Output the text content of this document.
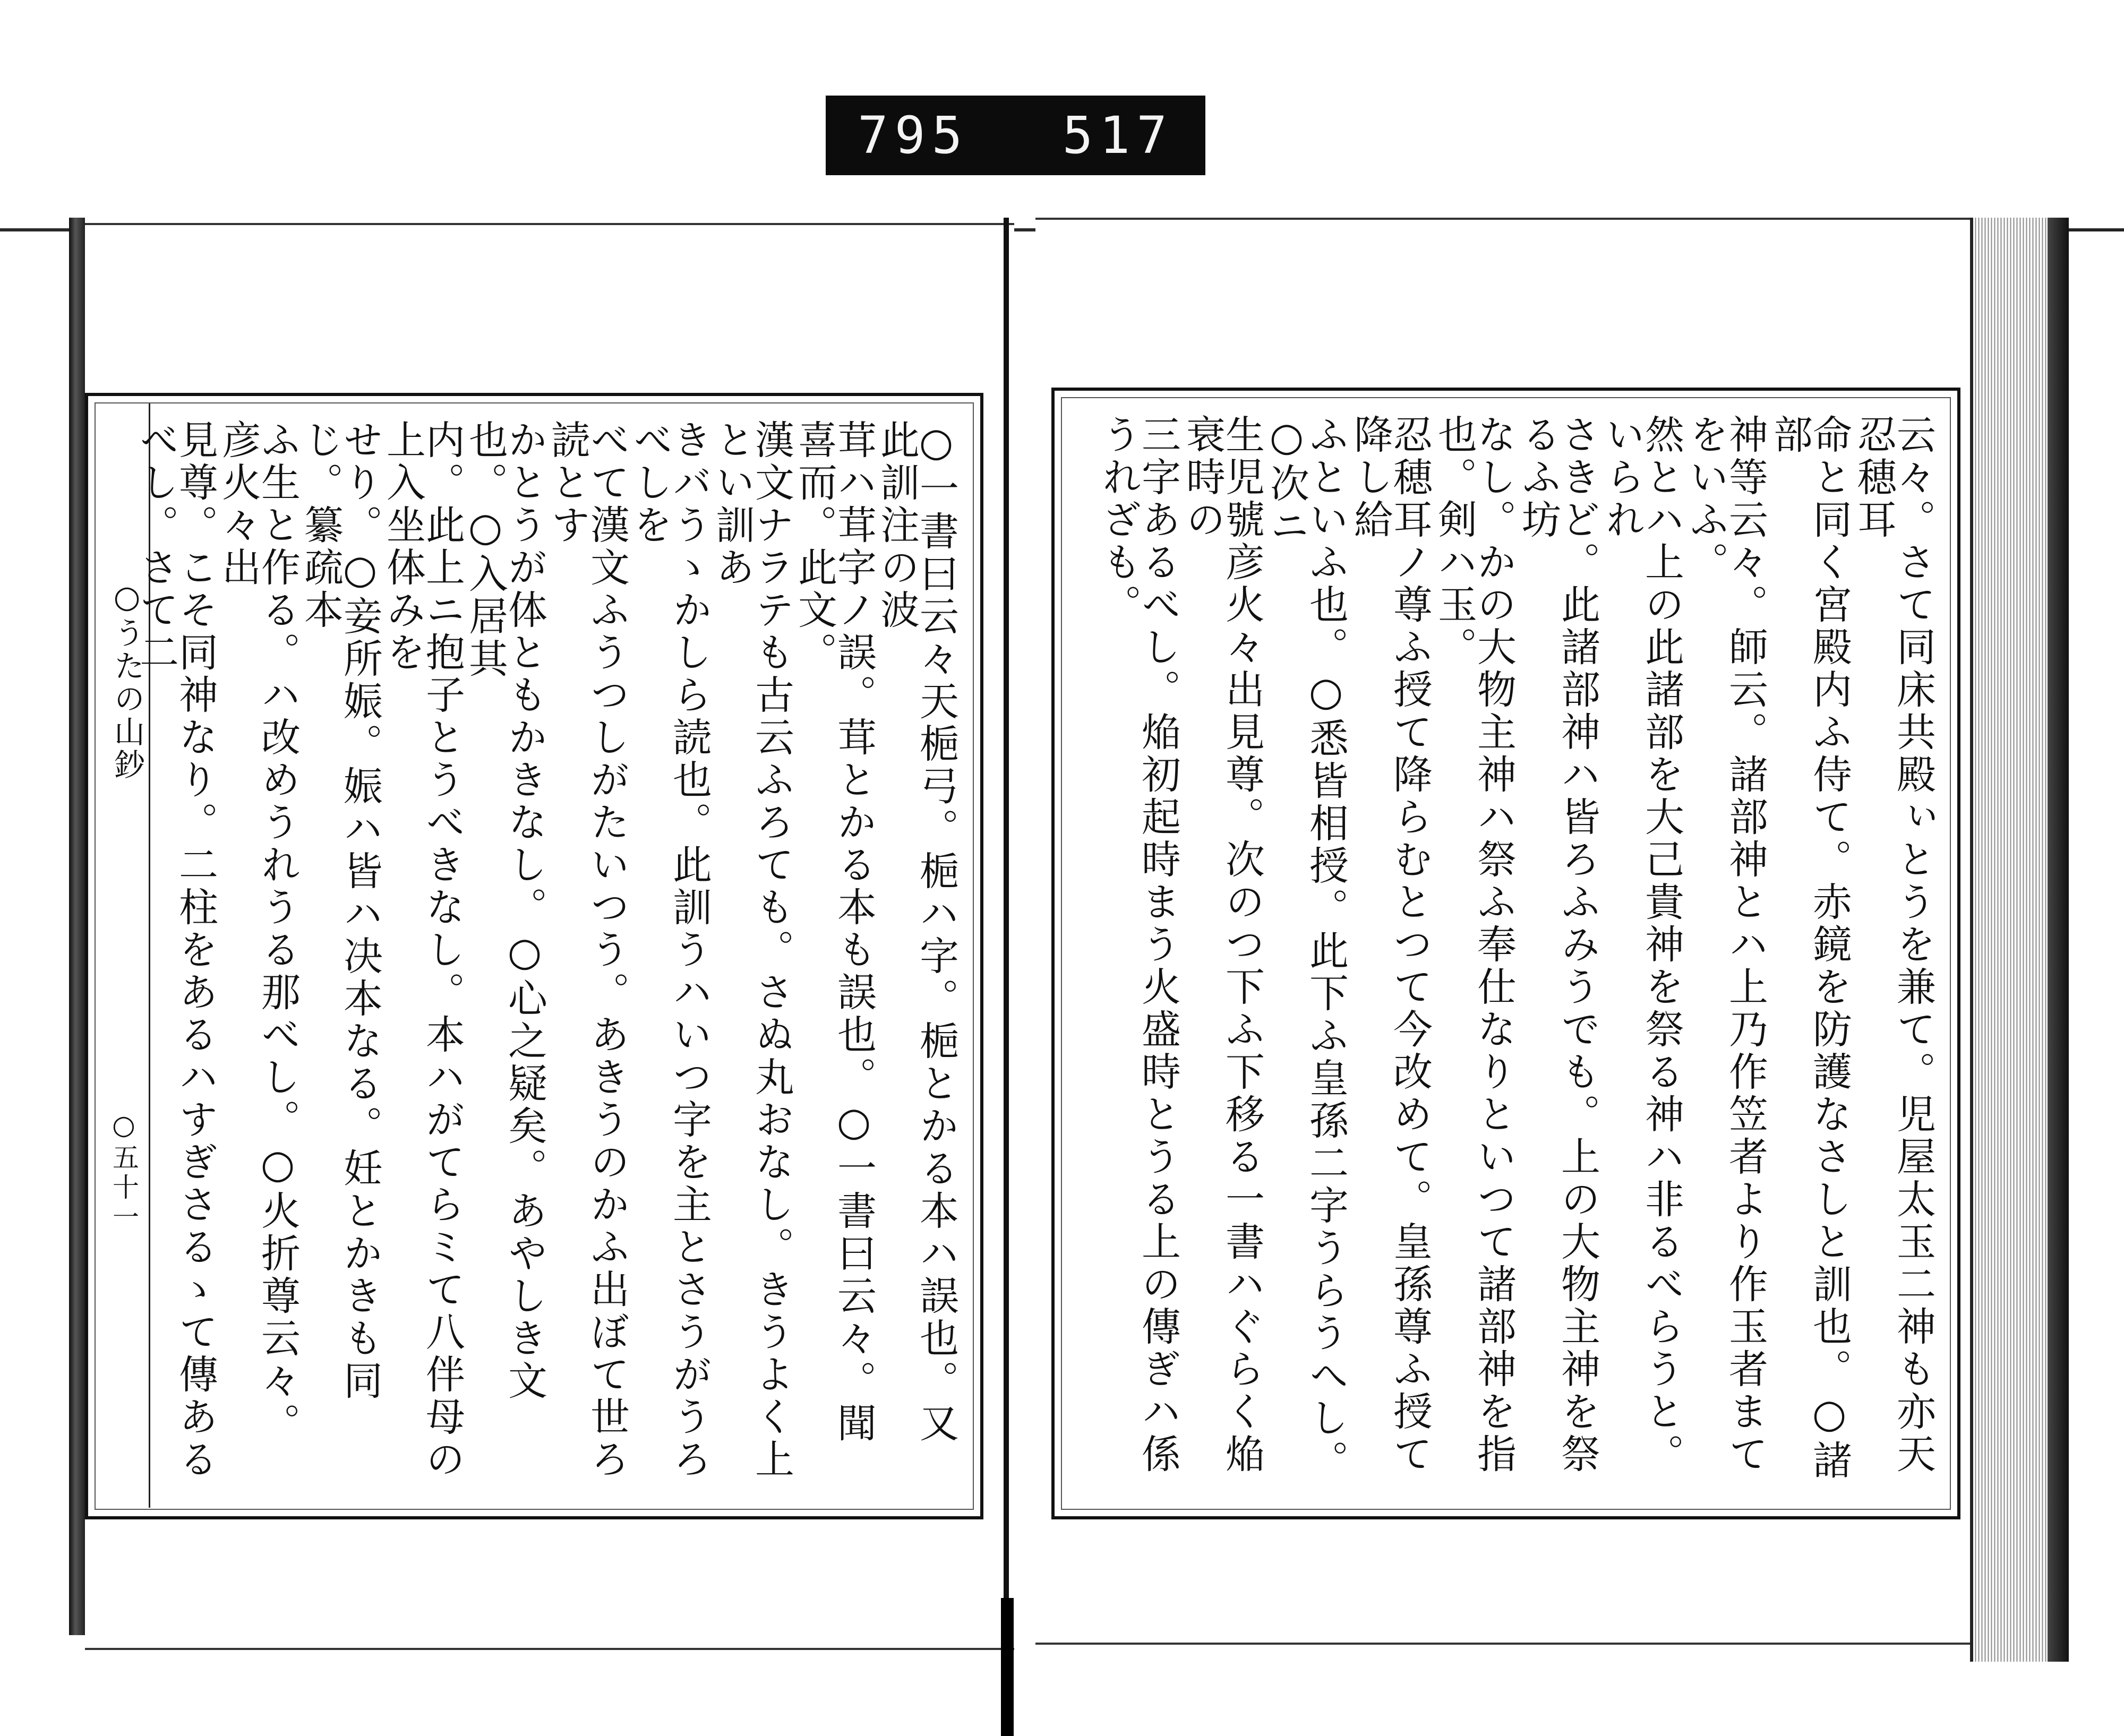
795 517
○うたの山鈔
○五十一	○一書曰云々天梔弓。梔ハ字。梔とかる本ハ誤也。又此訓注の波
茸ハ茸字ノ誤。茸とかる本も誤也。○一書曰云々。聞喜而。此文。
漢文ナラテも古云ふろても。さぬ丸おなし。きうよく上とい訓あ
きバうゝかしら読也。此訓うハいつ字を主とさうがうろべしを
べて漢文ふうつしがたいつう。あきうのかふ出ぼて世ろ読とす
かとうが体ともかきなし。○心之疑矣。あやしき文也。○入居其
内。此上ニ抱子とうべきなし。本ハがてらミて八伴母の上入坐体みを
せり。○妾所娠。娠ハ皆ハ决本なる。妊とかきも同じ。纂疏本
ふ生と作る。ハ改めうれうる那べし。○火折尊云々。彦火々出
見尊。こそ同神なり。二柱をあるハすぎさるゝて傳あるべし。さて二	云々。さて同床共殿ぃとうを兼て。児屋太玉二神も亦天忍穂耳
命と同く宮殿内ふ侍て。赤鏡を防護なさしと訓也。○諸部
神等云々。師云。諸部神とハ上乃作笠者より作玉者まてをいふ。
然とハ上の此諸部を大己貴神を祭る神ハ非るべらうと。いられ
さきど。此諸部神ハ皆ろふみうでも。上の大物主神を祭るふ坊
なし。かの大物主神ハ祭ふ奉仕なりといつて諸部神を指也。剣ハ玉。
忍穂耳ノ尊ふ授て降らむとつて今改めて。皇孫尊ふ授て降し給
ふといふ也。○悉皆相授。此下ふ皇孫二字うらうへし。○次ニ
生児號彦火々出見尊。次のつ下ふ下移る一書ハぐらく焔衰時の
三字あるべし。焔初起時まう火盛時とうる上の傳ぎハ係うれざも。
